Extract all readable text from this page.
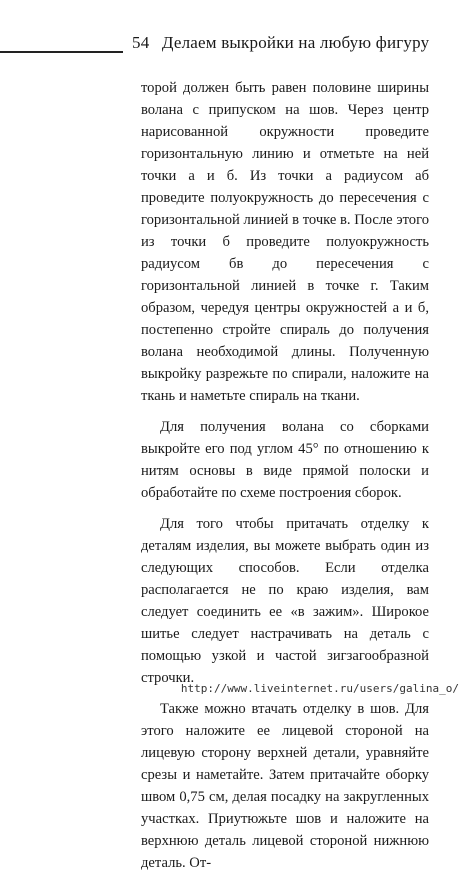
54 Делаем выкройки на любую фигуру

торой должен быть равен половине ширины волана с припуском на шов. Через центр нарисованной окружности проведите горизонтальную линию и отметьте на ней точки а и б. Из точки а радиусом аб проведите полуокружность до пересечения с горизонтальной линией в точке в. После этого из точки б проведите полуокружность радиусом бв до пересечения с горизонтальной линией в точке г. Таким образом, чередуя центры окружностей а и б, постепенно стройте спираль до получения волана необходимой длины. Полученную выкройку разрежьте по спирали, наложите на ткань и наметьте спираль на ткани.

Для получения волана со сборками выкройте его под углом 45° по отношению к нитям основы в виде прямой полоски и обработайте по схеме построения сборок.

Для того чтобы притачать отделку к деталям изделия, вы можете выбрать один из следующих способов. Если отделка располагается не по краю изделия, вам следует соединить ее «в зажим». Широкое шитье следует настрачивать на деталь с помощью узкой и частой зигзагообразной строчки.

Также можно втачать отделку в шов. Для этого наложите ее лицевой стороной на лицевую сторону верхней детали, уравняйте срезы и наметайте. Затем притачайте оборку швом 0,75 см, делая посадку на закругленных участках. Приутюжьте шов и наложите на верхнюю деталь лицевой стороной нижнюю деталь. От-

http://www.liveinternet.ru/users/galina_o/
